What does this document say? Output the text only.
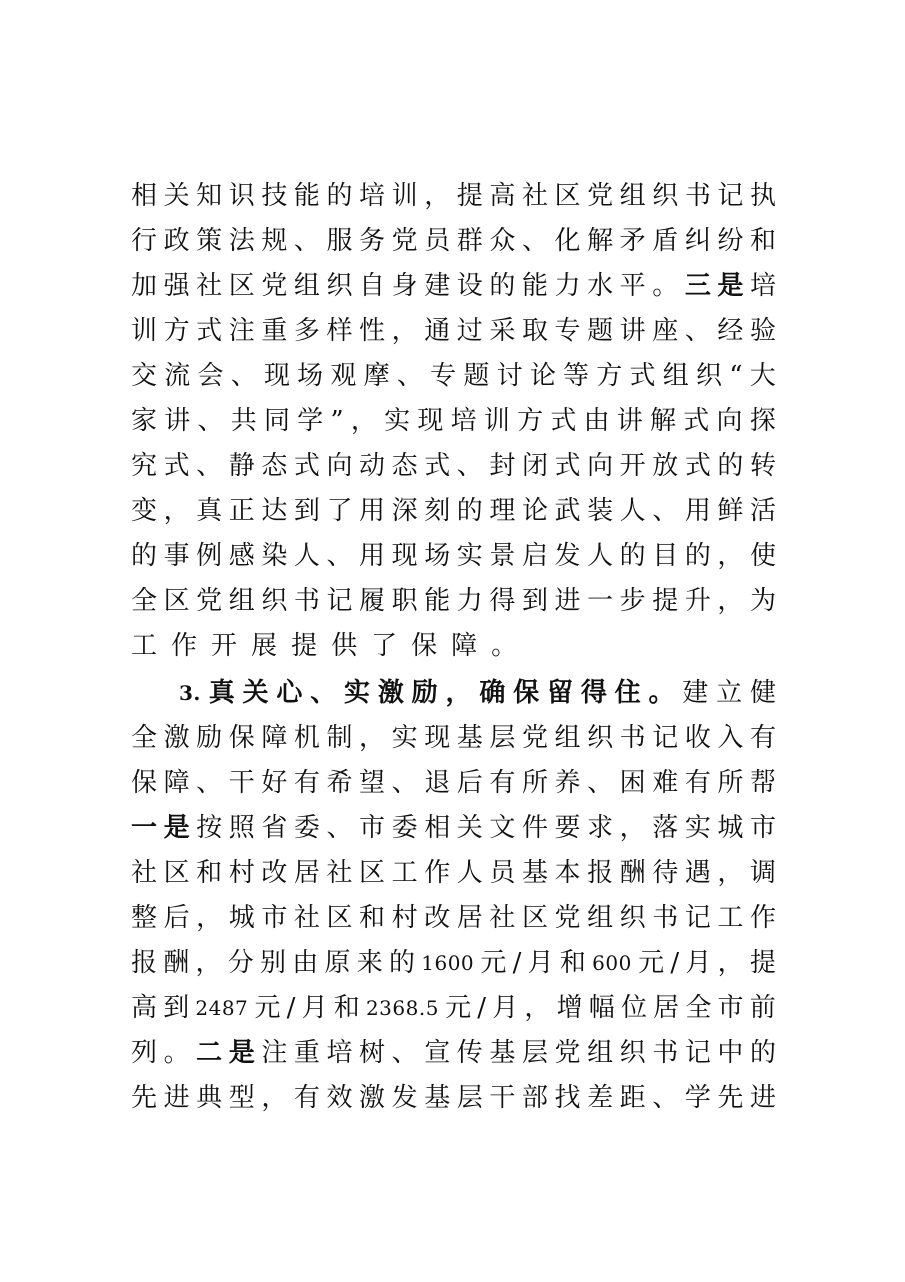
相 关 知 识 技 能 的 培 训 ， 提 高 社 区 党 组 织 书 记 执
行 政 策 法 规 、 服 务 党 员 群 众 、 化 解 矛 盾 纠 纷 和
加 强 社 区 党 组 织 自 身 建 设 的 能 力 水 平 。 三 是 培
训 方 式 注 重 多 样 性 ， 通 过 采 取 专 题 讲 座 、 经 验
交 流 会 、 现 场 观 摩 、 专 题 讨 论 等 方 式 组 织 “ 大
家 讲 、 共 同 学 ” ， 实 现 培 训 方 式 由 讲 解 式 向 探
究 式 、 静 态 式 向 动 态 式 、 封 闭 式 向 开 放 式 的 转
变 ， 真 正 达 到 了 用 深 刻 的 理 论 武 装 人 、 用 鲜 活
的 事 例 感 染 人 、 用 现 场 实 景 启 发 人 的 目 的 ， 使
全 区 党 组 织 书 记 履 职 能 力 得 到 进 一 步 提 升 ， 为
工 作 开 展 提 供 了 保 障 。
3. 真 关 心 、 实 激 励 ， 确 保 留 得 住 。 建 立 健
全 激 励 保 障 机 制 ， 实 现 基 层 党 组 织 书 记 收 入 有
保 障 、 干 好 有 希 望 、 退 后 有 所 养 、 困 难 有 所 帮
一 是 按 照 省 委 、 市 委 相 关 文 件 要 求 ， 落 实 城 市
社 区 和 村 改 居 社 区 工 作 人 员 基 本 报 酬 待 遇 ， 调
整 后 ， 城 市 社 区 和 村 改 居 社 区 党 组 织 书 记 工 作
报 酬 ， 分 别 由 原 来 的 1600 元 / 月 和 600 元 / 月 ， 提
高 到 2487 元 / 月 和 2368.5 元 / 月 ， 增 幅 位 居 全 市 前
列 。 二 是 注 重 培 树 、 宣 传 基 层 党 组 织 书 记 中 的
先 进 典 型 ， 有 效 激 发 基 层 干 部 找 差 距 、 学 先 进
